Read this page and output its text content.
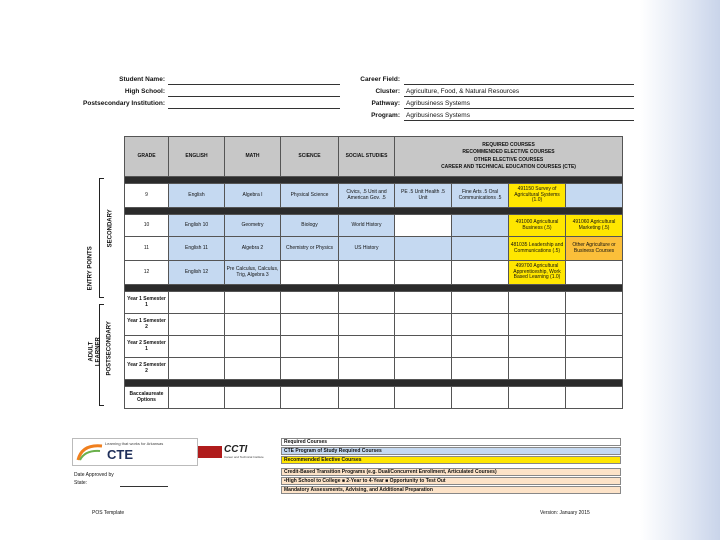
Student Name:
High School:
Postsecondary Institution:
Career Field:
Cluster: Agriculture, Food, & Natural Resources
Pathway: Agribusiness Systems
Program: Agribusiness Systems
SECONDARY
ENTRY POINTS
POSTSECONDARY
ADULT LEARNER
GRADE	ENGLISH	MATH	SCIENCE	SOCIAL STUDIES	REQUIRED COURSES
RECOMMENDED ELECTIVE COURSES
OTHER ELECTIVE COURSES
CAREER AND TECHNICAL EDUCATION COURSES (CTE)			

9	English	Algebra I	Physical Science	Civics, .5 Unit and American Gov. .5	PE .5 Unit Health .5 Unit	Fine Arts .5 Oral Communications .5	491150 Survey of Agricultural Systems (1.0)	

10	English 10	Geometry	Biology	World History			491000 Agricultural Business (.5)	491060 Agricultural Marketing (.5)
11	English 11	Algebra 2	Chemistry or Physics	US History			481035 Leadership and Communications (.5)	Other Agriculture or Business Courses
12	English 12	Pre Calculus, Calculus, Trig, Algebra 3					499700 Agricultural Apprenticeship, Work Based Learning (1.0)	

Year 1 Semester 1								
Year 1 Semester 2								
Year 2 Semester 1								
Year 2 Semester 2								

Baccalaureate Options								
Learning that works for Arkansas
CTE	CCTI
Career and Technical Institute
Required Courses
CTE Program of Study Required Courses
Recommended Elective Courses
Credit-Based Transition Programs (e.g. Dual/Concurrent Enrollment, Articulated Courses)
•High School to College ■ 2-Year to 4-Year ■ Opportunity to Test Out
Mandatory Assessments, Advising, and Additional Preparation
Date Approved by
State:
POS Template	Version: January 2015
